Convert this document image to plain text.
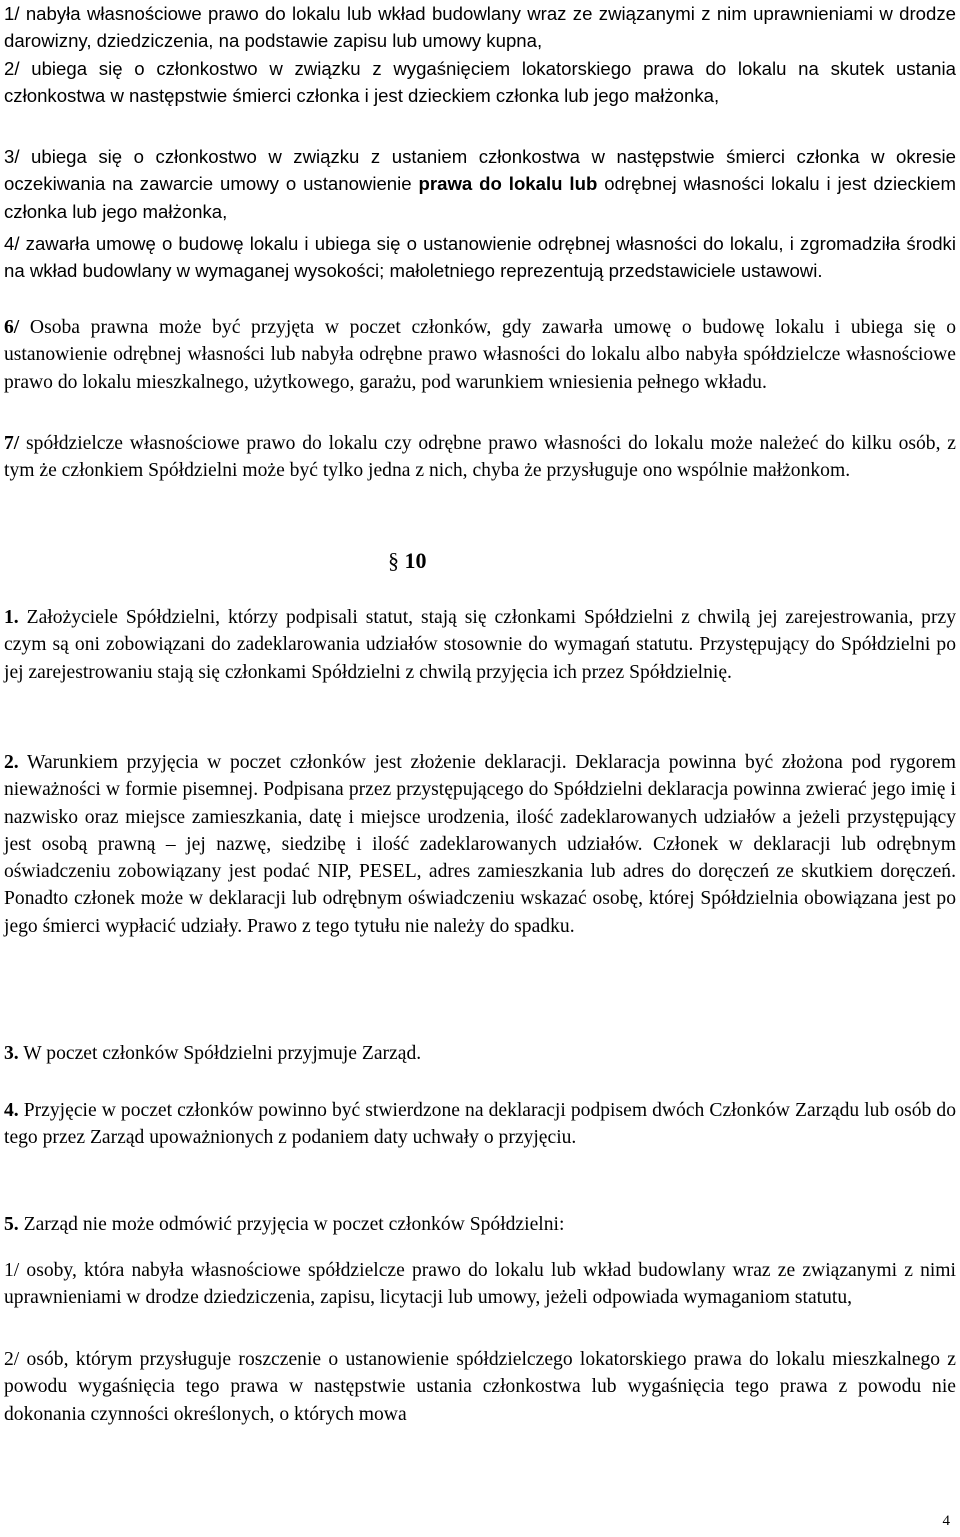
1/ nabyła własnościowe prawo do lokalu lub wkład budowlany wraz ze związanymi z nim uprawnieniami w drodze darowizny, dziedziczenia, na podstawie zapisu lub umowy kupna,

2/ ubiega się o członkostwo w związku z wygaśnięciem lokatorskiego prawa do lokalu na skutek ustania członkostwa w następstwie śmierci członka i jest dzieckiem członka lub jego małżonka,

3/ ubiega się o członkostwo w związku z ustaniem członkostwa w następstwie śmierci członka w okresie oczekiwania na zawarcie umowy o ustanowienie prawa do lokalu lub odrębnej własności lokalu i jest dzieckiem członka lub jego małżonka,

4/ zawarła umowę o budowę lokalu i ubiega się o ustanowienie odrębnej własności do lokalu, i zgromadziła środki na wkład budowlany w wymaganej wysokości; małoletniego reprezentują przedstawiciele ustawowi.

6/ Osoba prawna może być przyjęta w poczet członków, gdy zawarła umowę o budowę lokalu i ubiega się o ustanowienie odrębnej własności lub nabyła odrębne prawo własności do lokalu albo nabyła spółdzielcze własnościowe prawo do lokalu mieszkalnego, użytkowego, garażu, pod warunkiem wniesienia pełnego wkładu.

7/ spółdzielcze własnościowe prawo do lokalu czy odrębne prawo własności do lokalu może należeć do kilku osób, z tym że członkiem Spółdzielni może być tylko jedna z nich, chyba że przysługuje ono wspólnie małżonkom.

§ 10

1. Założyciele Spółdzielni, którzy podpisali statut, stają się członkami Spółdzielni z chwilą jej zarejestrowania, przy czym są oni zobowiązani do zadeklarowania udziałów stosownie do wymagań statutu. Przystępujący do Spółdzielni po jej zarejestrowaniu stają się członkami Spółdzielni z chwilą przyjęcia ich przez Spółdzielnię.

2. Warunkiem przyjęcia w poczet członków jest złożenie deklaracji. Deklaracja powinna być złożona pod rygorem nieważności w formie pisemnej. Podpisana przez przystępującego do Spółdzielni deklaracja powinna zwierać jego imię i nazwisko oraz miejsce zamieszkania, datę i miejsce urodzenia, ilość zadeklarowanych udziałów a jeżeli przystępujący jest osobą prawną – jej nazwę, siedzibę i ilość zadeklarowanych udziałów. Członek w deklaracji lub odrębnym oświadczeniu zobowiązany jest podać NIP, PESEL, adres zamieszkania lub adres do doręczeń ze skutkiem doręczeń. Ponadto członek może w deklaracji lub odrębnym oświadczeniu wskazać osobę, której Spółdzielnia obowiązana jest po jego śmierci wypłacić udziały. Prawo z tego tytułu nie należy do spadku.

3. W poczet członków Spółdzielni przyjmuje Zarząd.

4. Przyjęcie w poczet członków powinno być stwierdzone na deklaracji podpisem dwóch Członków Zarządu lub osób do tego przez Zarząd upoważnionych z podaniem daty uchwały o przyjęciu.

5. Zarząd nie może odmówić przyjęcia w poczet członków Spółdzielni:

1/ osoby, która nabyła własnościowe spółdzielcze prawo do lokalu lub wkład budowlany wraz ze związanymi z nimi uprawnieniami w drodze dziedziczenia, zapisu, licytacji lub umowy, jeżeli odpowiada wymaganiom statutu,

2/ osób, którym przysługuje roszczenie o ustanowienie spółdzielczego lokatorskiego prawa do lokalu mieszkalnego z powodu wygaśnięcia tego prawa w następstwie ustania członkostwa lub wygaśnięcia tego prawa z powodu nie dokonania czynności określonych, o których mowa

4
